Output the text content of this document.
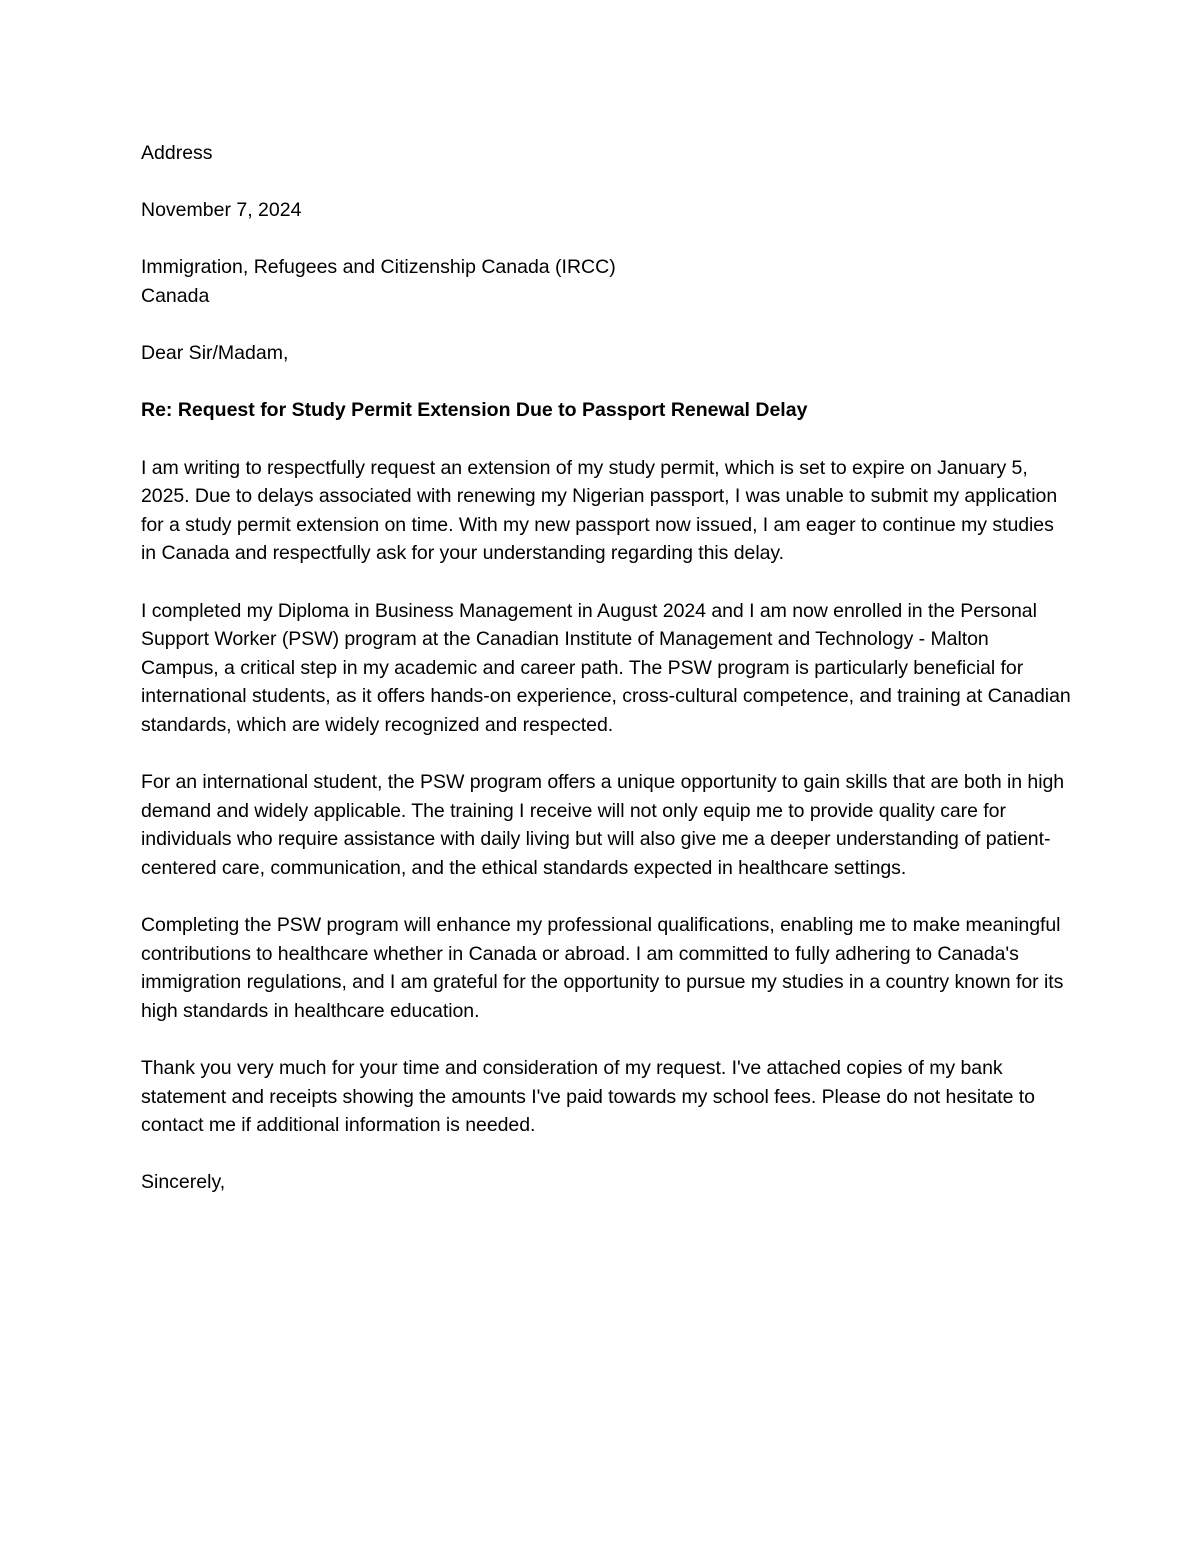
Address

November 7, 2024

Immigration, Refugees and Citizenship Canada (IRCC)
Canada

Dear Sir/Madam,

Re: Request for Study Permit Extension Due to Passport Renewal Delay

I am writing to respectfully request an extension of my study permit, which is set to expire on January 5, 2025. Due to delays associated with renewing my Nigerian passport, I was unable to submit my application for a study permit extension on time. With my new passport now issued, I am eager to continue my studies in Canada and respectfully ask for your understanding regarding this delay.

I completed my Diploma in Business Management in August 2024 and I am now enrolled in the Personal Support Worker (PSW) program at the Canadian Institute of Management and Technology - Malton Campus, a critical step in my academic and career path. The PSW program is particularly beneficial for international students, as it offers hands-on experience, cross-cultural competence, and training at Canadian standards, which are widely recognized and respected.

For an international student, the PSW program offers a unique opportunity to gain skills that are both in high demand and widely applicable. The training I receive will not only equip me to provide quality care for individuals who require assistance with daily living but will also give me a deeper understanding of patient-centered care, communication, and the ethical standards expected in healthcare settings.

Completing the PSW program will enhance my professional qualifications, enabling me to make meaningful contributions to healthcare whether in Canada or abroad. I am committed to fully adhering to Canada's immigration regulations, and I am grateful for the opportunity to pursue my studies in a country known for its high standards in healthcare education.

Thank you very much for your time and consideration of my request. I've attached copies of my bank statement and receipts showing the amounts I've paid towards my school fees. Please do not hesitate to contact me if additional information is needed.

Sincerely,
